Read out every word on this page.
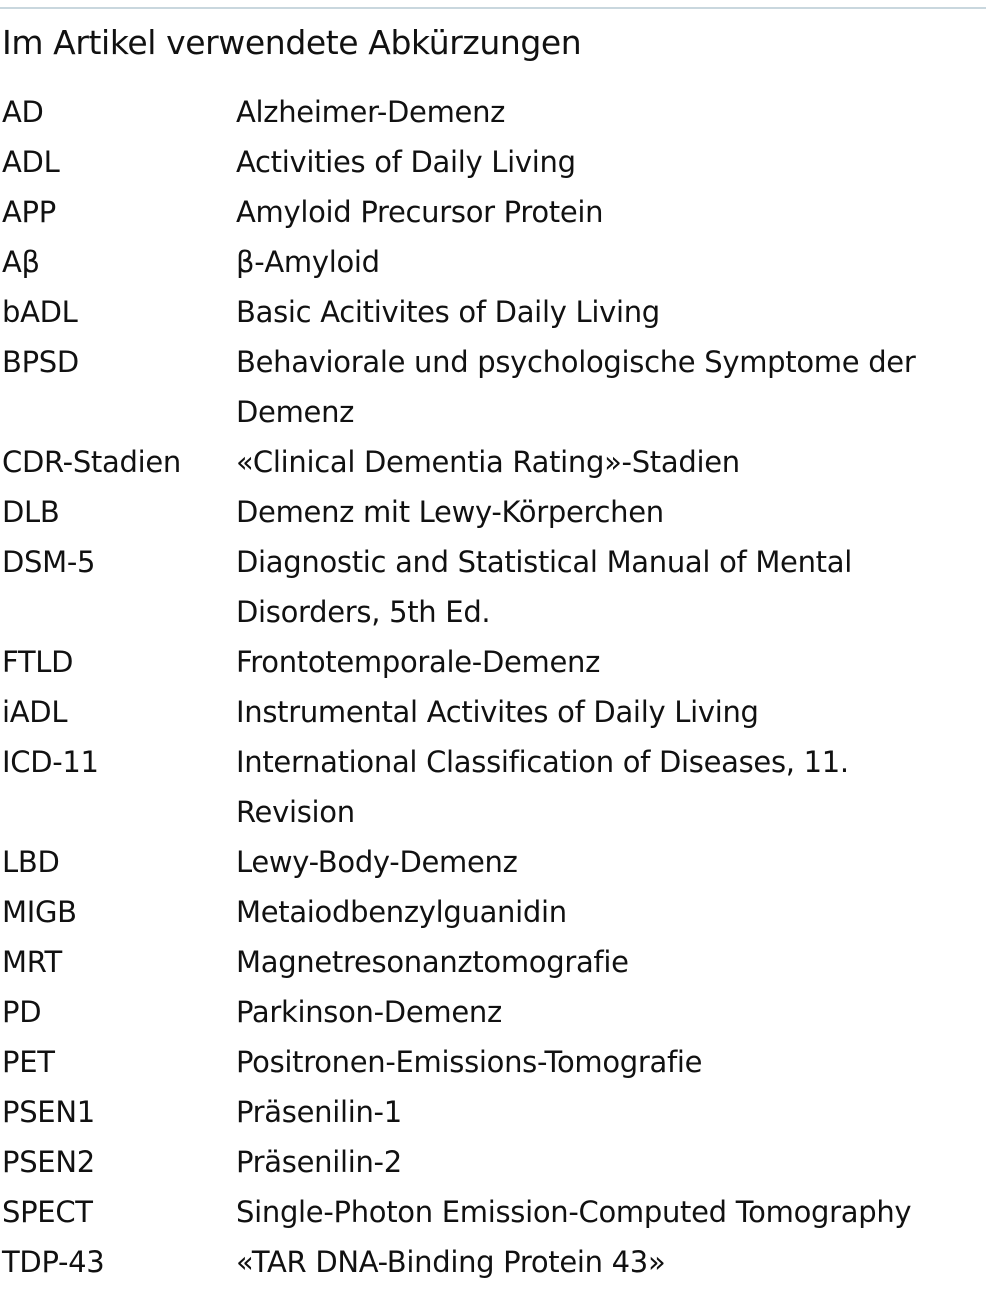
Im Artikel verwendete Abkürzungen
AD	Alzheimer-Demenz
ADL	Activities of Daily Living
APP	Amyloid Precursor Protein
Aβ	β-Amyloid
bADL	Basic Acitivites of Daily Living
BPSD	Behaviorale und psychologische Symptome der Demenz
CDR-Stadien «Clinical Dementia Rating»-Stadien
DLB	Demenz mit Lewy-Körperchen
DSM-5	Diagnostic and Statistical Manual of Mental Disorders, 5th Ed.
FTLD	Frontotemporale-Demenz
iADL	Instrumental Activites of Daily Living
ICD-11	International Classification of Diseases, 11. Revision
LBD	Lewy-Body-Demenz
MIGB	Metaiodbenzylguanidin
MRT	Magnetresonanztomografie
PD	Parkinson-Demenz
PET	Positronen-Emissions-Tomografie
PSEN1	Präsenilin-1
PSEN2	Präsenilin-2
SPECT	Single-Photon Emission-Computed Tomography
TDP-43	«TAR DNA-Binding Protein 43»
